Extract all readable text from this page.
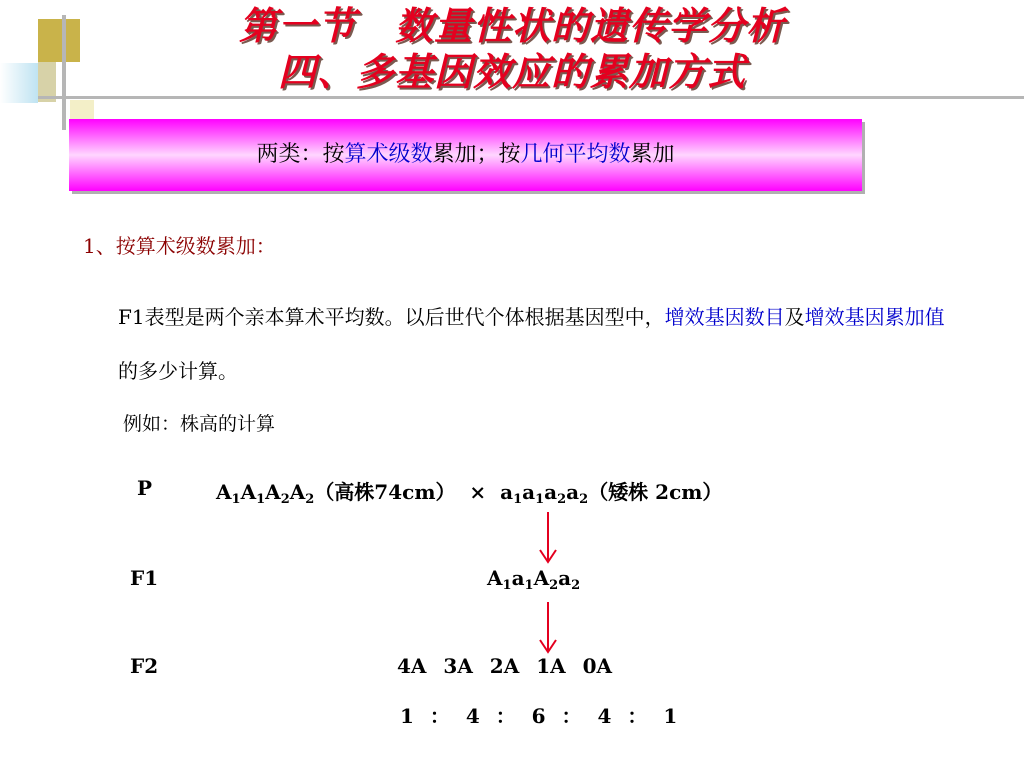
第一节　数量性状的遗传学分析
四、多基因效应的累加方式
两类：按算术级数累加；按几何平均数累加
1、按算术级数累加：
F1表型是两个亲本算术平均数。以后世代个体根据基因型中，增效基因数目及增效基因累加值的多少计算。
例如：株高的计算
P	$A_1A_1A_2A_2$（高株$74cm) \times a_1a_1a_2a_2$（矮株 2cm）
F1	$A_1a_1A_2a_2$
F2	4A 3A 2A 1A 0A
1 ： 4 ： 6 ： 4 ： 1
